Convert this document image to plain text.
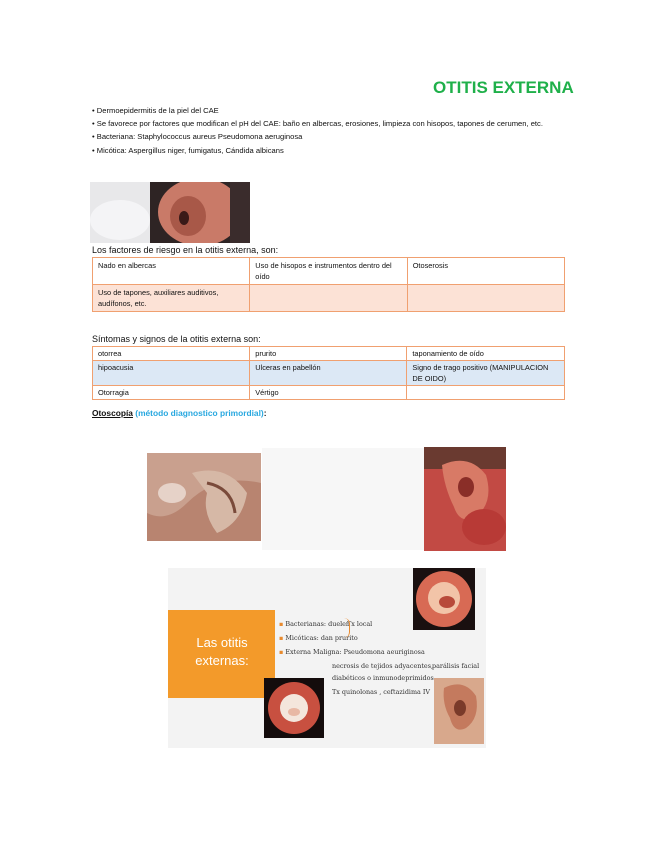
OTITIS EXTERNA
• Dermoepidermitis de la piel del CAE
• Se favorece por factores que modifican el pH del CAE: baño en albercas, erosiones, limpieza con hisopos, tapones de cerumen, etc.
• Bacteriana: Staphylococcus aureus Pseudomona aeruginosa
• Micótica: Aspergillus niger, fumigatus, Cándida albicans
Los factores de riesgo en la otitis externa, son:
Nado en albercas	Uso de hisopos e instrumentos dentro del oído	Otoserosis
Uso de tapones, auxiliares auditivos, audífonos, etc.		
Síntomas y signos de la otitis externa son:
otorrea	prurito	taponamiento de oído
hipoacusia	Ulceras en pabellón	Signo de trago positivo (MANIPULACION DE OIDO)
Otorragia	Vértigo	
Otoscopía (método diagnostico primordial):
Las otitis externas:
▪ Bacterianas: duelen
Tx local
▪ Micóticas: dan prurito
▪ Externa Maligna: Pseudomona aeuriginosa
necrosis de tejidos adyacentes,
parálisis facial
diabéticos o inmunodeprimidos
Tx quinolonas , ceftazidima IV
